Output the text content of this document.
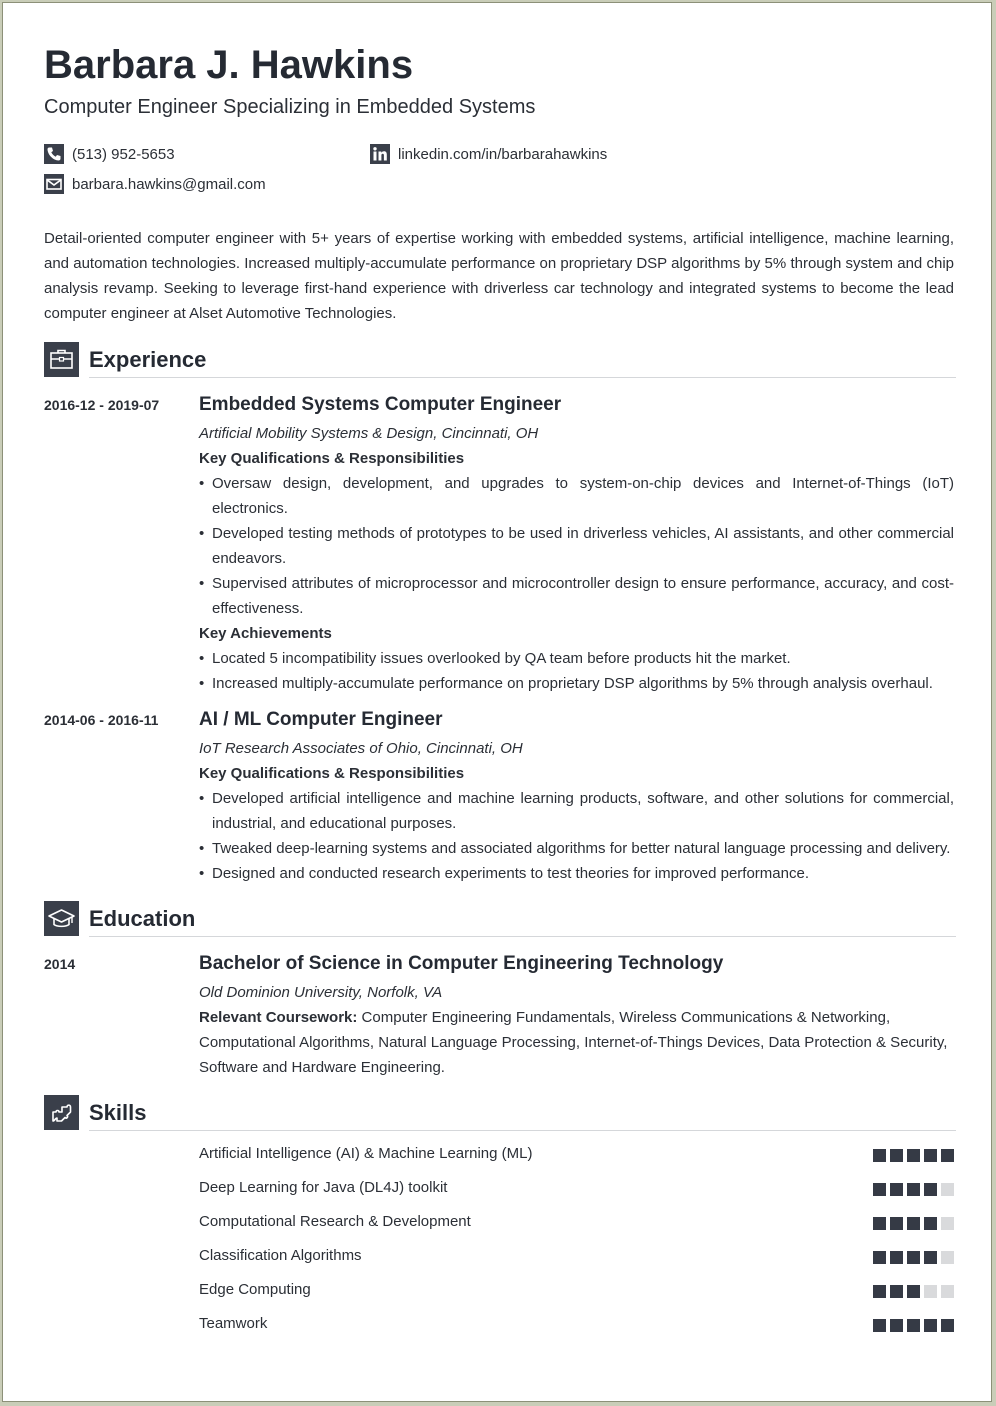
Barbara J. Hawkins
Computer Engineer Specializing in Embedded Systems
(513) 952-5653	linkedin.com/in/barbarahawkins
barbara.hawkins@gmail.com
Detail-oriented computer engineer with 5+ years of expertise working with embedded systems, artificial intelligence, machine learning, and automation technologies. Increased multiply-accumulate performance on proprietary DSP algorithms by 5% through system and chip analysis revamp. Seeking to leverage first-hand experience with driverless car technology and integrated systems to become the lead computer engineer at Alset Automotive Technologies.
Experience
2016-12 - 2019-07 Embedded Systems Computer Engineer
Artificial Mobility Systems & Design, Cincinnati, OH
Key Qualifications & Responsibilities
• Oversaw design, development, and upgrades to system-on-chip devices and Internet-of-Things (IoT) electronics.
• Developed testing methods of prototypes to be used in driverless vehicles, AI assistants, and other commercial endeavors.
• Supervised attributes of microprocessor and microcontroller design to ensure performance, accuracy, and cost-effectiveness.
Key Achievements
• Located 5 incompatibility issues overlooked by QA team before products hit the market.
• Increased multiply-accumulate performance on proprietary DSP algorithms by 5% through analysis overhaul.
2014-06 - 2016-11 AI / ML Computer Engineer
IoT Research Associates of Ohio, Cincinnati, OH
Key Qualifications & Responsibilities
• Developed artificial intelligence and machine learning products, software, and other solutions for commercial, industrial, and educational purposes.
• Tweaked deep-learning systems and associated algorithms for better natural language processing and delivery.
• Designed and conducted research experiments to test theories for improved performance.
Education
2014	Bachelor of Science in Computer Engineering Technology
Old Dominion University, Norfolk, VA
Relevant Coursework: Computer Engineering Fundamentals, Wireless Communications & Networking, Computational Algorithms, Natural Language Processing, Internet-of-Things Devices, Data Protection & Security, Software and Hardware Engineering.
Skills
Artificial Intelligence (AI) & Machine Learning (ML)
Deep Learning for Java (DL4J) toolkit
Computational Research & Development
Classification Algorithms
Edge Computing
Teamwork
